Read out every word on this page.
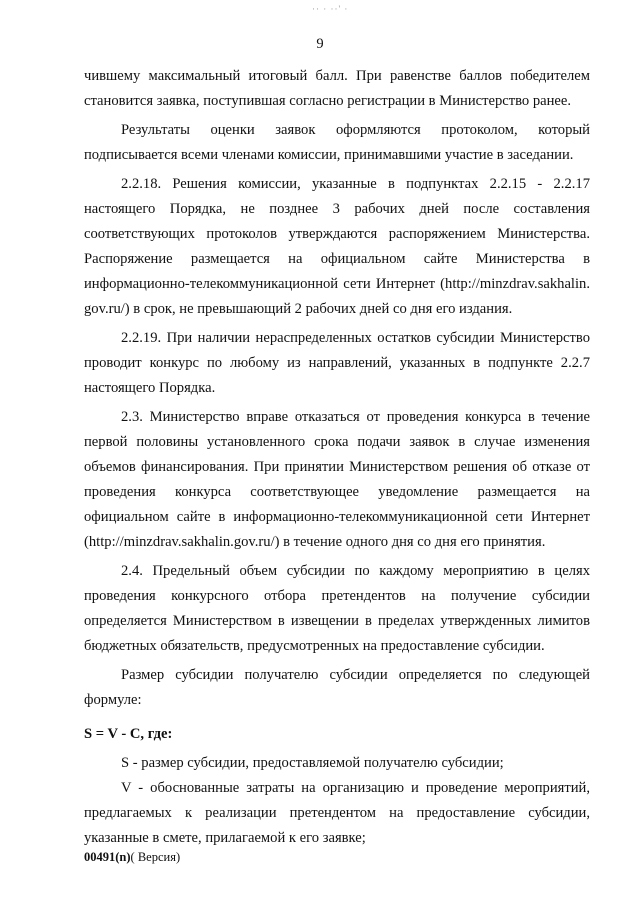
·· · ··' ·
9

чившему максимальный итоговый балл. При равенстве баллов победителем становится заявка, поступившая согласно регистрации в Министерство ранее.

Результаты оценки заявок оформляются протоколом, который подписывается всеми членами комиссии, принимавшими участие в заседании.

2.2.18. Решения комиссии, указанные в подпунктах 2.2.15 - 2.2.17 настоящего Порядка, не позднее 3 рабочих дней после составления соответствующих протоколов утверждаются распоряжением Министерства. Распоряжение размещается на официальном сайте Министерства в информационно-телекоммуникационной сети Интернет (http://minzdrav.sakhalin. gov.ru/) в срок, не превышающий 2 рабочих дней со дня его издания.

2.2.19. При наличии нераспределенных остатков субсидии Министерство проводит конкурс по любому из направлений, указанных в подпункте 2.2.7 настоящего Порядка.

2.3. Министерство вправе отказаться от проведения конкурса в течение первой половины установленного срока подачи заявок в случае изменения объемов финансирования. При принятии Министерством решения об отказе от проведения конкурса соответствующее уведомление размещается на официальном сайте в информационно-телекоммуникационной сети Интернет (http://minzdrav.sakhalin.gov.ru/) в течение одного дня со дня его принятия.

2.4. Предельный объем субсидии по каждому мероприятию в целях проведения конкурсного отбора претендентов на получение субсидии определяется Министерством в извещении в пределах утвержденных лимитов бюджетных обязательств, предусмотренных на предоставление субсидии.

Размер субсидии получателю субсидии определяется по следующей формуле:

S = V - C, где:

S - размер субсидии, предоставляемой получателю субсидии;

V - обоснованные затраты на организацию и проведение мероприятий, предлагаемых к реализации претендентом на предоставление субсидии, указанные в смете, прилагаемой к его заявке;

00491(n)( Версия)
